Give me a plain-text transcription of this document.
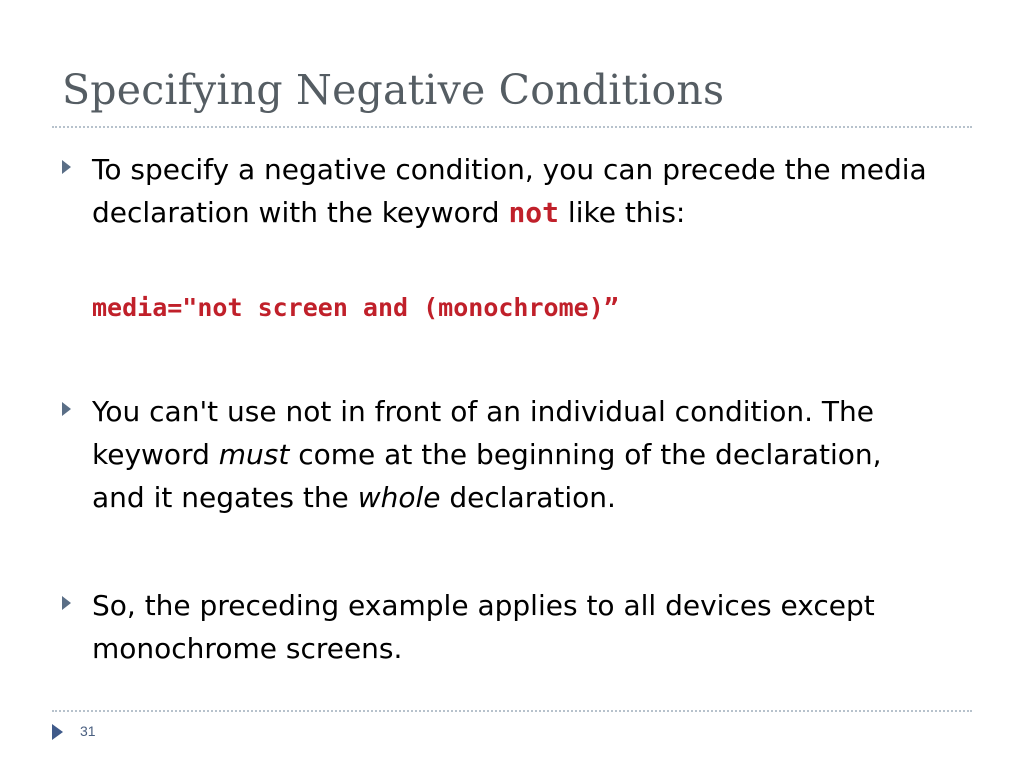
Specifying Negative Conditions
To specify a negative condition, you can precede the media declaration with the keyword not like this:
media="not screen and (monochrome)”
You can't use not in front of an individual condition. The keyword must come at the beginning of the declaration, and it negates the whole declaration.
So, the preceding example applies to all devices except monochrome screens.
31
